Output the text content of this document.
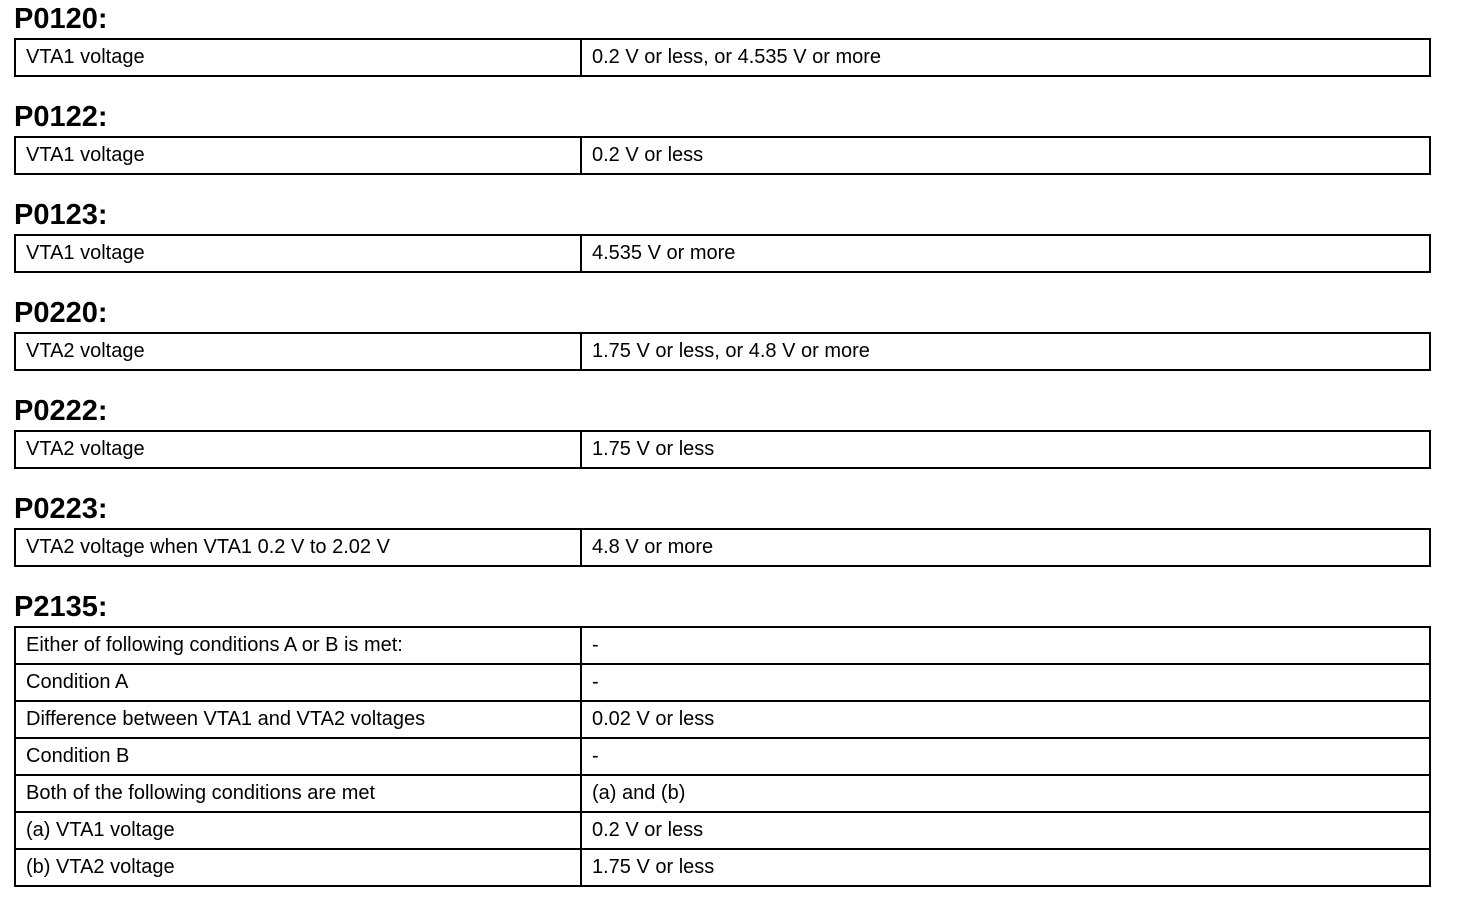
P0120:
VTA1 voltage	0.2 V or less, or 4.535 V or more
P0122:
VTA1 voltage	0.2 V or less
P0123:
VTA1 voltage	4.535 V or more
P0220:
VTA2 voltage	1.75 V or less, or 4.8 V or more
P0222:
VTA2 voltage	1.75 V or less
P0223:
VTA2 voltage when VTA1 0.2 V to 2.02 V	4.8 V or more
P2135:
Either of following conditions A or B is met:	-
Condition A	-
Difference between VTA1 and VTA2 voltages	0.02 V or less
Condition B	-
Both of the following conditions are met	(a) and (b)
(a) VTA1 voltage	0.2 V or less
(b) VTA2 voltage	1.75 V or less
